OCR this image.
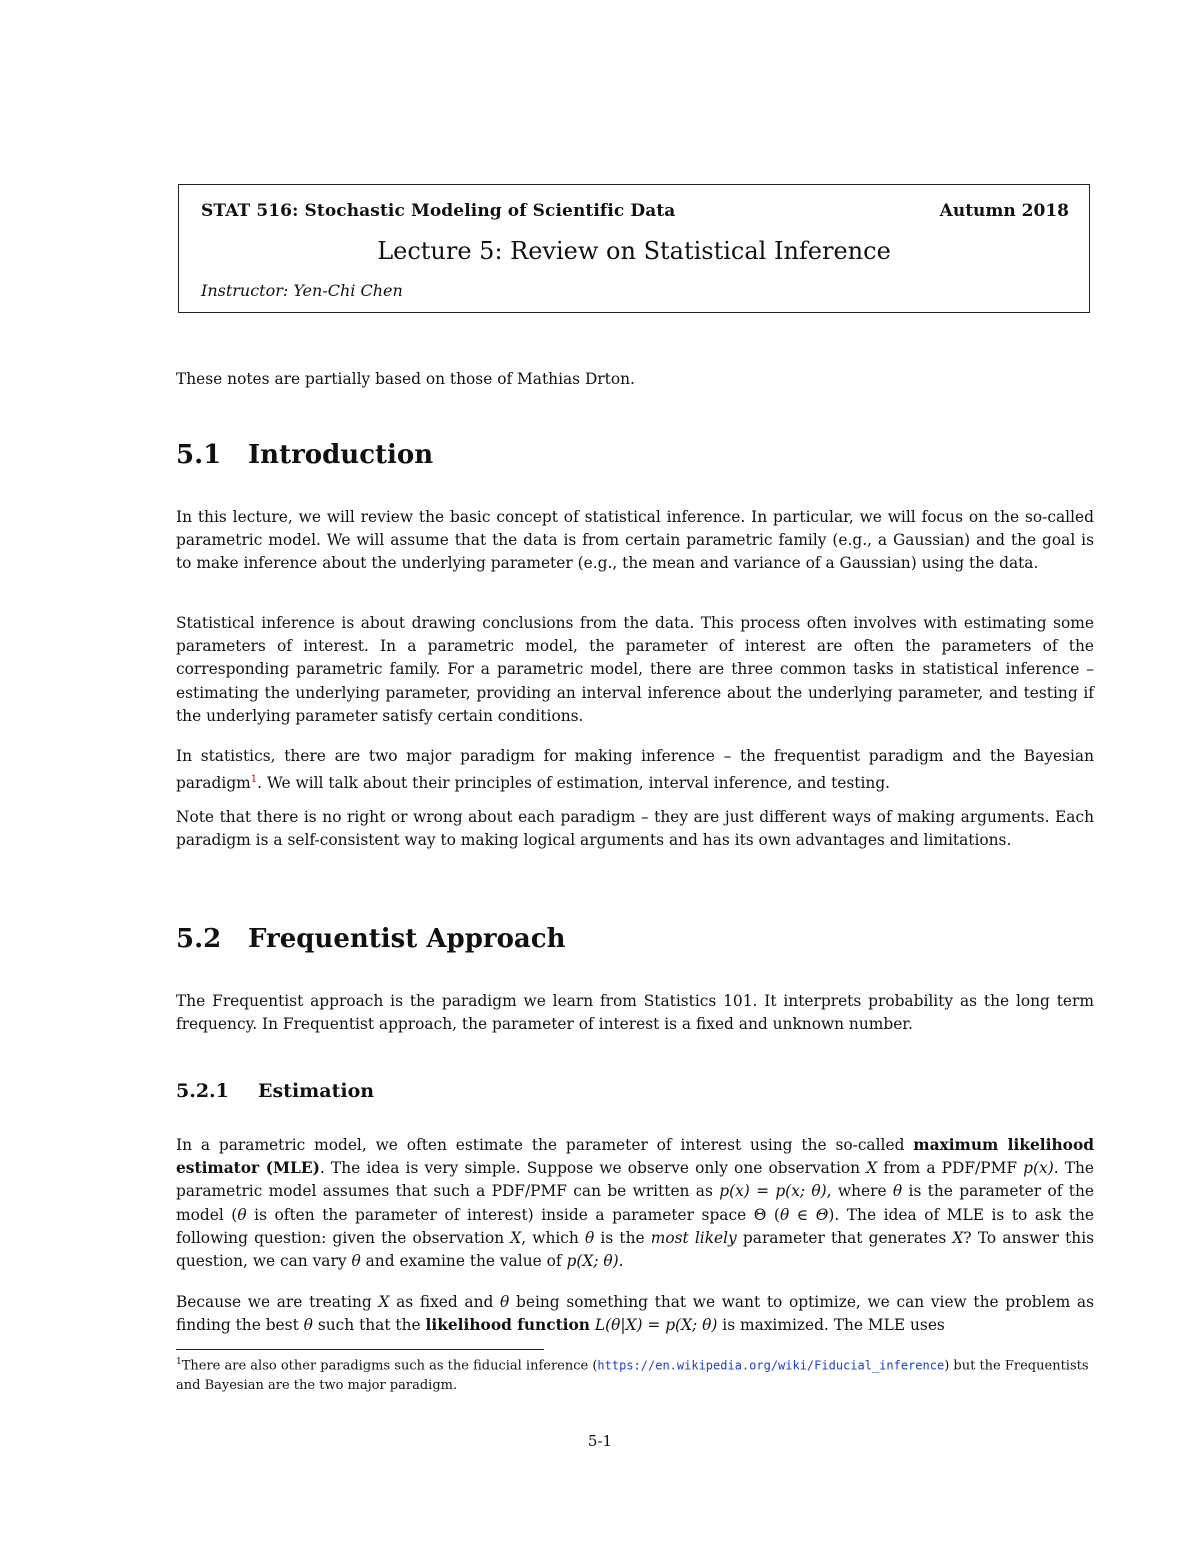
STAT 516: Stochastic Modeling of Scientific Data	Autumn 2018
Lecture 5: Review on Statistical Inference
Instructor: Yen-Chi Chen

These notes are partially based on those of Mathias Drton.

5.1 Introduction

In this lecture, we will review the basic concept of statistical inference. In particular, we will focus on the so-called parametric model. We will assume that the data is from certain parametric family (e.g., a Gaussian) and the goal is to make inference about the underlying parameter (e.g., the mean and variance of a Gaussian) using the data.

Statistical inference is about drawing conclusions from the data. This process often involves with estimating some parameters of interest. In a parametric model, the parameter of interest are often the parameters of the corresponding parametric family. For a parametric model, there are three common tasks in statistical inference – estimating the underlying parameter, providing an interval inference about the underlying parameter, and testing if the underlying parameter satisfy certain conditions.

In statistics, there are two major paradigm for making inference – the frequentist paradigm and the Bayesian paradigm$^1$. We will talk about their principles of estimation, interval inference, and testing.

Note that there is no right or wrong about each paradigm – they are just different ways of making arguments. Each paradigm is a self-consistent way to making logical arguments and has its own advantages and limitations.

5.2 Frequentist Approach

The Frequentist approach is the paradigm we learn from Statistics 101. It interprets probability as the long term frequency. In Frequentist approach, the parameter of interest is a fixed and unknown number.

5.2.1 Estimation

In a parametric model, we often estimate the parameter of interest using the so-called maximum likelihood estimator (MLE). The idea is very simple. Suppose we observe only one observation X from a PDF/PMF p(x). The parametric model assumes that such a PDF/PMF can be written as p(x) = p(x; θ), where θ is the parameter of the model (θ is often the parameter of interest) inside a parameter space Θ (θ ∈ Θ). The idea of MLE is to ask the following question: given the observation X, which θ is the most likely parameter that generates X? To answer this question, we can vary θ and examine the value of p(X; θ).

Because we are treating X as fixed and θ being something that we want to optimize, we can view the problem as finding the best θ such that the likelihood function L(θ|X) = p(X; θ) is maximized. The MLE uses

$^1$There are also other paradigms such as the fiducial inference (https://en.wikipedia.org/wiki/Fiducial_inference) but the Frequentists and Bayesian are the two major paradigm.

5-1
